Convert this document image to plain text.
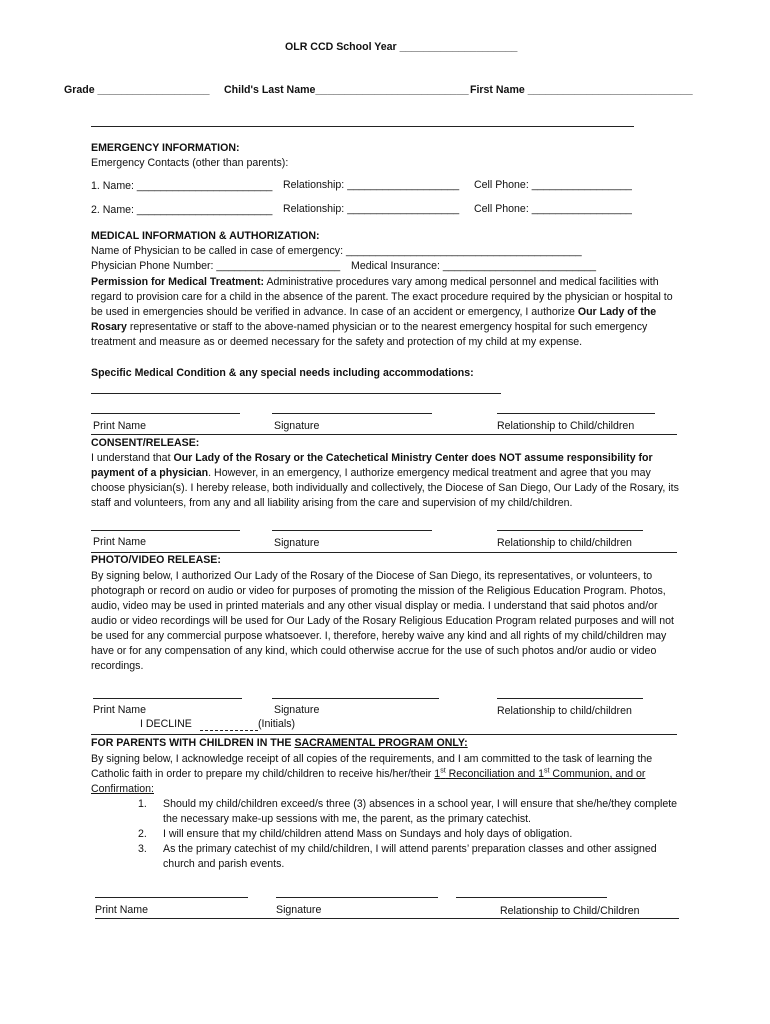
OLR CCD School Year ____________________
Grade ___________________ Child's Last Name__________________________ First Name ____________________________
EMERGENCY INFORMATION:
Emergency Contacts (other than parents):
1. Name: _______________________ Relationship: ___________________ Cell Phone: _________________
2. Name: _______________________ Relationship: ___________________ Cell Phone: _________________
MEDICAL INFORMATION & AUTHORIZATION:
Name of Physician to be called in case of emergency: ________________________________________
Physician Phone Number: _____________________ Medical Insurance: __________________________
Permission for Medical Treatment: Administrative procedures vary among medical personnel and medical facilities with regard to provision care for a child in the absence of the parent. The exact procedure required by the physician or hospital to be used in emergencies should be verified in advance. In case of an accident or emergency, I authorize Our Lady of the Rosary representative or staff to the above-named physician or to the nearest emergency hospital for such emergency treatment and measure as or deemed necessary for the safety and protection of my child at my expense.
Specific Medical Condition & any special needs including accommodations:
Print Name	Signature	Relationship to Child/children
CONSENT/RELEASE:
I understand that Our Lady of the Rosary or the Catechetical Ministry Center does NOT assume responsibility for payment of a physician. However, in an emergency, I authorize emergency medical treatment and agree that you may choose physician(s). I hereby release, both individually and collectively, the Diocese of San Diego, Our Lady of the Rosary, its staff and volunteers, from any and all liability arising from the care and supervision of my child/children.
Print Name	Signature	Relationship to child/children
PHOTO/VIDEO RELEASE:
By signing below, I authorized Our Lady of the Rosary of the Diocese of San Diego, its representatives, or volunteers, to photograph or record on audio or video for purposes of promoting the mission of the Religious Education Program. Photos, audio, video may be used in printed materials and any other visual display or media. I understand that said photos and/or audio or video recordings will be used for Our Lady of the Rosary Religious Education Program related purposes and will not be used for any commercial purpose whatsoever. I, therefore, hereby waive any kind and all rights of my child/children may have or for any compensation of any kind, which could otherwise accrue for the use of such photos and/or audio or video recordings.
Print Name	Signature	Relationship to child/children
I DECLINE	(Initials)
FOR PARENTS WITH CHILDREN IN THE SACRAMENTAL PROGRAM ONLY:
By signing below, I acknowledge receipt of all copies of the requirements, and I am committed to the task of learning the Catholic faith in order to prepare my child/children to receive his/her/their 1st Reconciliation and 1st Communion, and or Confirmation:
1. Should my child/children exceed/s three (3) absences in a school year, I will ensure that she/he/they complete the necessary make-up sessions with me, the parent, as the primary catechist.
2. I will ensure that my child/children attend Mass on Sundays and holy days of obligation.
3. As the primary catechist of my child/children, I will attend parents’ preparation classes and other assigned church and parish events.
Print Name	Signature	Relationship to Child/Children
